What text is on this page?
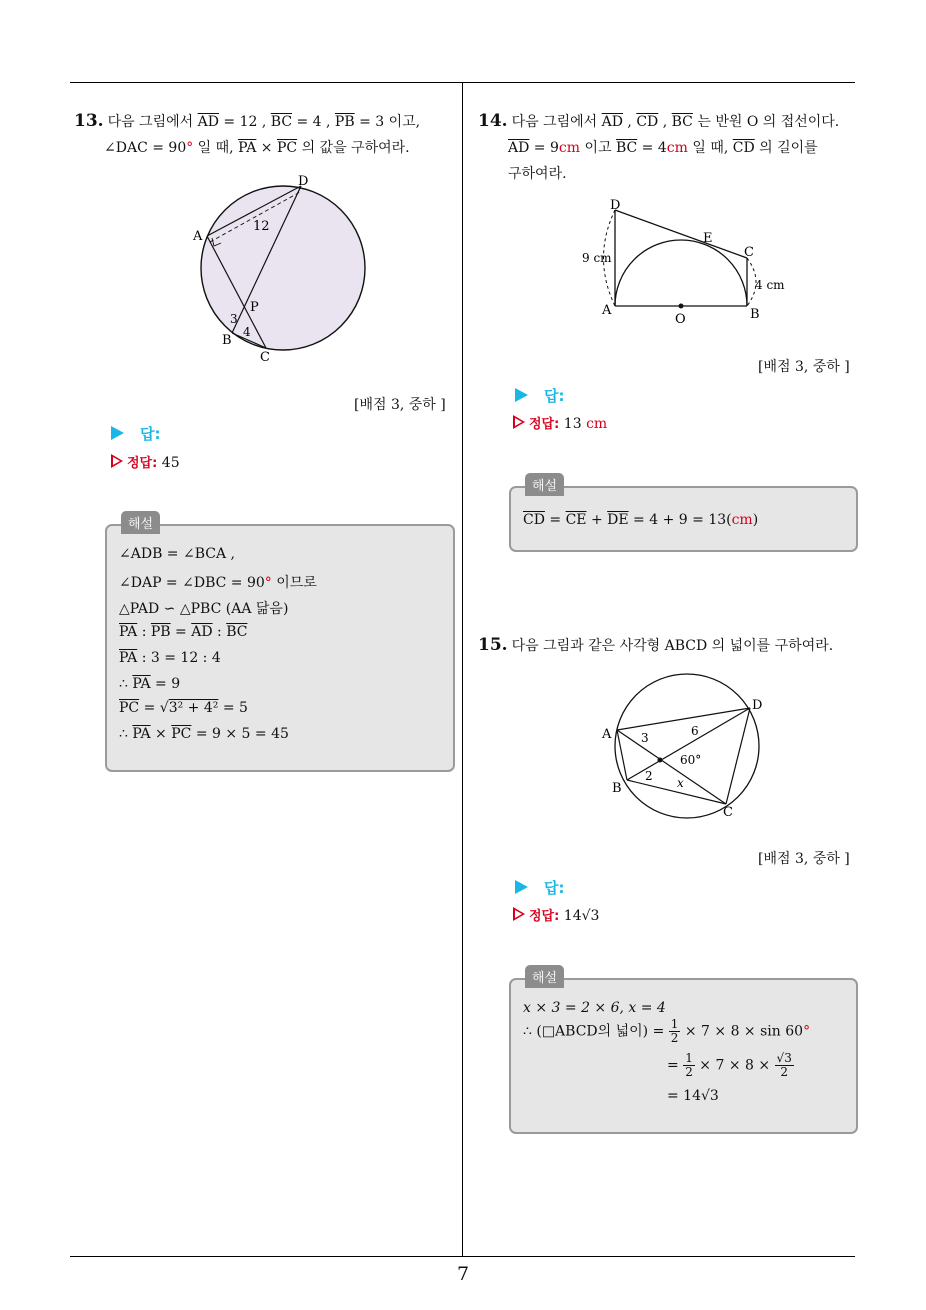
13. 다음 그림에서 $\overline{AD} = 12$ , $\overline{BC} = 4$ , $\overline{PB} = 3$ 이고,
∠DAC = 90° 일 때, $\overline{PA} \times \overline{PC}$ 의 값을 구하여라.
D
A
P
B
C
12
3
4
[배점 3, 중하 ]
답:
정답: 45
해설
∠ADB = ∠BCA ,
∠DAP = ∠DBC = 90° 이므로
△PAD ∽ △PBC (AA 닮음)
$\overline{PA}$ : $\overline{PB} = \overline{AD}$ : $\overline{BC}$
$\overline{PA}$ : 3 = 12 : 4
∴ $\overline{PA} = 9$
$\overline{PC} = √3^2 + 4^2 = 5$
∴ $\overline{PA} \times \overline{PC} = 9 \times 5 = 45$
14. 다음 그림에서 $\overline{AD}$ , $\overline{CD}$ , $\overline{BC}$ 는 반원 O 의 접선이다.
$\overline{AD} = 9cm$ 이고 $\overline{BC} = 4cm$ 일 때, $\overline{CD}$ 의 길이를
구하여라.
D
E
C
A
O	B
9 cm
4 cm
[배점 3, 중하 ]
답:
정답: 13 cm
해설
$\overline{CD} = \overline{CE} + \overline{DE} = 4 + 9 = 13(cm)$
15. 다음 그림과 같은 사각형 ABCD 의 넓이를 구하여라.
A
B
C
D
3	6
2 x
60°
[배점 3, 중하 ]
답:
정답: 14√3
해설
x × 3 = 2 × 6, x = 4
∴ (□ABCD의 넓이) = $\frac{1}{2} \times 7 \times 8 \times \sin 60^\circ$
= $\frac{1}{2} \times 7 \times 8 \times \frac{√3}{2}$
= 14√3
7
